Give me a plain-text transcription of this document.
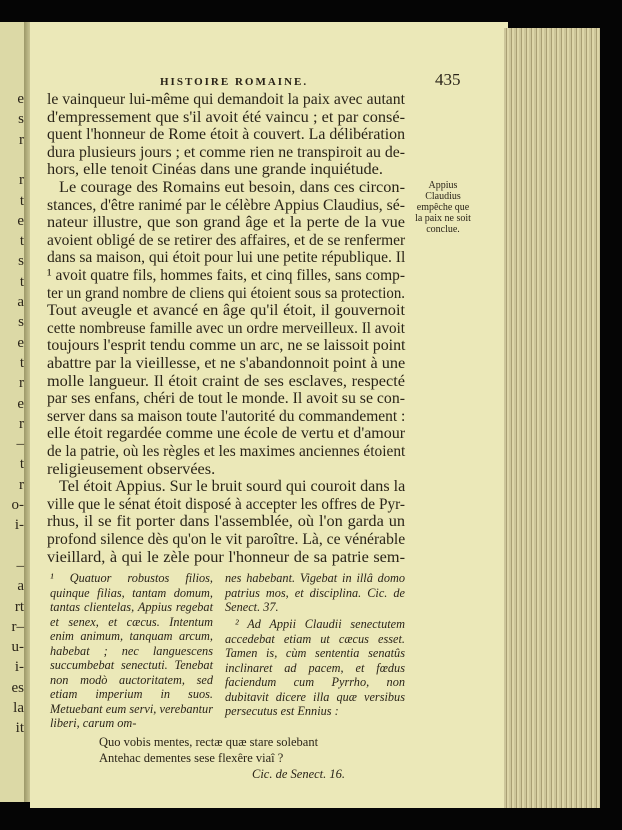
e
s
r
r
t
e
t
s
t
a
s
e
t
r
e
r
–
t
r
o-
i-
–
a
rt
r–
u-
i-
es
la
it
HISTOIRE ROMAINE.	435
le vainqueur lui-même qui demandoit la paix avec autant
d'empressement que s'il avoit été vaincu ; et par consé-
quent l'honneur de Rome étoit à couvert. La délibération
dura plusieurs jours ; et comme rien ne transpiroit au de-
hors, elle tenoit Cinéas dans une grande inquiétude.
Le courage des Romains eut besoin, dans ces circon-
stances, d'être ranimé par le célèbre Appius Claudius, sé-
nateur illustre, que son grand âge et la perte de la vue
avoient obligé de se retirer des affaires, et de se renfermer
dans sa maison, qui étoit pour lui une petite république. Il
¹ avoit quatre fils, hommes faits, et cinq filles, sans comp-
ter un grand nombre de cliens qui étoient sous sa protection.
Tout aveugle et avancé en âge qu'il étoit, il gouvernoit
cette nombreuse famille avec un ordre merveilleux. Il avoit
toujours l'esprit tendu comme un arc, ne se laissoit point
abattre par la vieillesse, et ne s'abandonnoit point à une
molle langueur. Il étoit craint de ses esclaves, respecté
par ses enfans, chéri de tout le monde. Il avoit su se con-
server dans sa maison toute l'autorité du commandement :
elle étoit regardée comme une école de vertu et d'amour
de la patrie, où les règles et les maximes anciennes étoient
religieusement observées.
Tel étoit Appius. Sur le bruit sourd qui couroit dans la
ville que le sénat étoit disposé à accepter les offres de Pyr-
rhus, il se fit porter dans l'assemblée, où l'on garda un
profond silence dès qu'on le vit paroître. Là, ce vénérable
vieillard, à qui le zèle pour l'honneur de sa patrie sem-
Appius Claudius empêche que la paix ne soit conclue.
¹ Quatuor robustos filios, quinque filias, tantam domum, tantas clientelas, Appius regebat et senex, et cæcus. Intentum enim animum, tanquam arcum, habebat ; nec languescens succumbebat senectuti. Tenebat non modò auctoritatem, sed etiam imperium in suos. Metuebant eum servi, verebantur liberi, carum om-
nes habebant. Vigebat in illâ domo patrius mos, et disciplina. Cic. de Senect. 37.
² Ad Appii Claudii senectutem accedebat etiam ut cæcus esset. Tamen is, cùm sententia senatûs inclinaret ad pacem, et fœdus faciendum cum Pyrrho, non dubitavit dicere illa quæ versibus persecutus est Ennius :
Quo vobis mentes, rectæ quæ stare solebant
Antehac dementes sese flexêre viaî ?
Cic. de Senect. 16.
